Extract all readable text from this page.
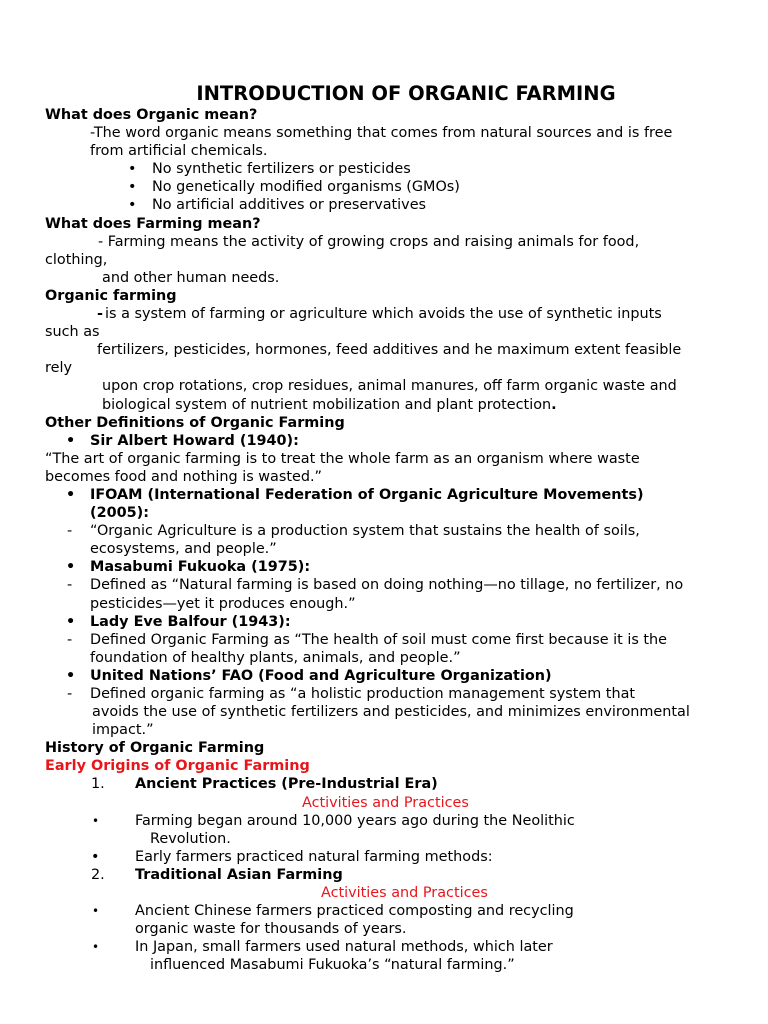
INTRODUCTION OF ORGANIC FARMING
What does Organic mean?
-The word organic means something that comes from natural sources and is free
from artificial chemicals.
• No synthetic fertilizers or pesticides
• No genetically modified organisms (GMOs)
• No artificial additives or preservatives
What does Farming mean?
- Farming means the activity of growing crops and raising animals for food,
clothing,
and other human needs.
Organic farming
- is a system of farming or agriculture which avoids the use of synthetic inputs
such as
fertilizers, pesticides, hormones, feed additives and he maximum extent feasible
rely
upon crop rotations, crop residues, animal manures, off farm organic waste and
biological system of nutrient mobilization and plant protection.
Other Definitions of Organic Farming
• Sir Albert Howard (1940):
“The art of organic farming is to treat the whole farm as an organism where waste
becomes food and nothing is wasted.”
• IFOAM (International Federation of Organic Agriculture Movements)
(2005):
- “Organic Agriculture is a production system that sustains the health of soils,
ecosystems, and people.”
• Masabumi Fukuoka (1975):
- Defined as “Natural farming is based on doing nothing—no tillage, no fertilizer, no
pesticides—yet it produces enough.”
• Lady Eve Balfour (1943):
- Defined Organic Farming as “The health of soil must come first because it is the
foundation of healthy plants, animals, and people.”
• United Nations’ FAO (Food and Agriculture Organization)
- Defined organic farming as “a holistic production management system that
avoids the use of synthetic fertilizers and pesticides, and minimizes environmental
impact.”
History of Organic Farming
Early Origins of Organic Farming
1. Ancient Practices (Pre-Industrial Era)
Activities and Practices
• Farming began around 10,000 years ago during the Neolithic
Revolution.
• Early farmers practiced natural farming methods:
2. Traditional Asian Farming
Activities and Practices
• Ancient Chinese farmers practiced composting and recycling
organic waste for thousands of years.
• In Japan, small farmers used natural methods, which later
influenced Masabumi Fukuoka’s “natural farming.”
